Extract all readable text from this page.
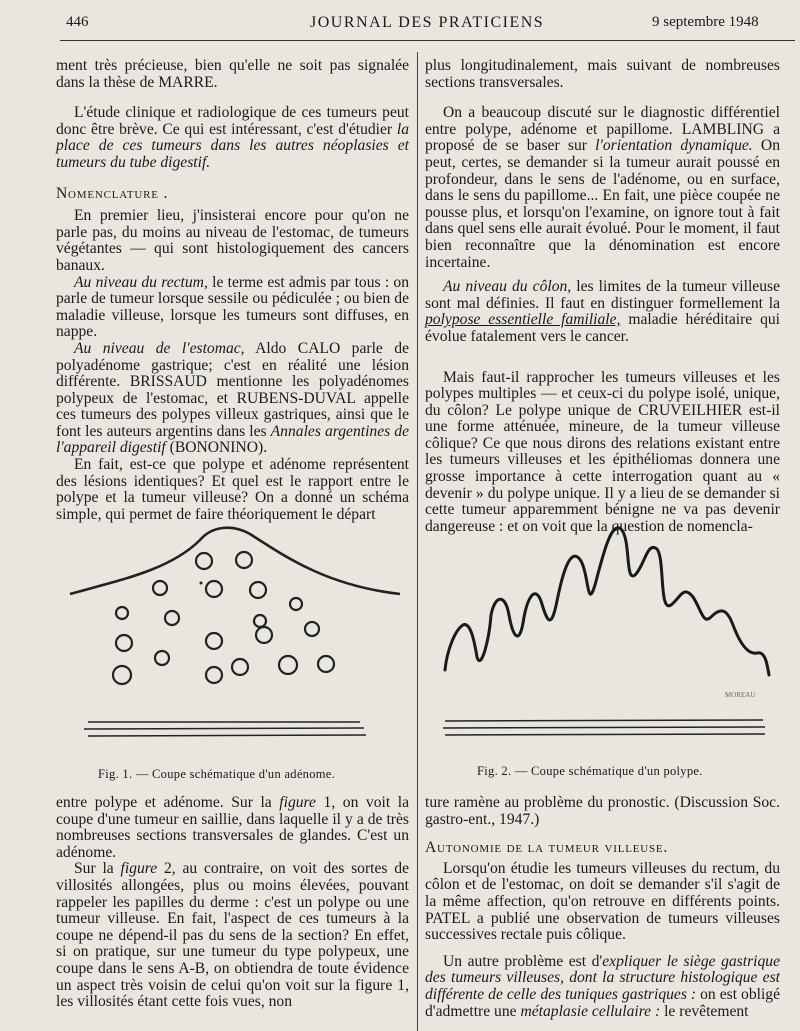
446	JOURNAL DES PRATICIENS	9 septembre 1948

ment très précieuse, bien qu'elle ne soit pas signalée dans la thèse de MARRE.

L'étude clinique et radiologique de ces tumeurs peut donc être brève. Ce qui est intéressant, c'est d'étudier la place de ces tumeurs dans les autres néoplasies et tumeurs du tube digestif.

Nomenclature .

En premier lieu, j'insisterai encore pour qu'on ne parle pas, du moins au niveau de l'estomac, de tumeurs végétantes — qui sont histologiquement des cancers banaux.

Au niveau du rectum, le terme est admis par tous : on parle de tumeur lorsque sessile ou pédiculée ; ou bien de maladie villeuse, lorsque les tumeurs sont diffuses, en nappe.

Au niveau de l'estomac, Aldo CALO parle de polyadénome gastrique; c'est en réalité une lésion différente. BRISSAUD mentionne les polyadénomes polypeux de l'estomac, et RUBENS-DUVAL appelle ces tumeurs des polypes villeux gastriques, ainsi que le font les auteurs argentins dans les Annales argentines de l'appareil digestif (BONONINO).

En fait, est-ce que polype et adénome représentent des lésions identiques? Et quel est le rapport entre le polype et la tumeur villeuse? On a donné un schéma simple, qui permet de faire théoriquement le départ

plus longitudinalement, mais suivant de nombreuses sections transversales.

On a beaucoup discuté sur le diagnostic différentiel entre polype, adénome et papillome. LAMBLING a proposé de se baser sur l'orientation dynamique. On peut, certes, se demander si la tumeur aurait poussé en profondeur, dans le sens de l'adénome, ou en surface, dans le sens du papillome... En fait, une pièce coupée ne pousse plus, et lorsqu'on l'examine, on ignore tout à fait dans quel sens elle aurait évolué. Pour le moment, il faut bien reconnaître que la dénomination est encore incertaine.

Au niveau du côlon, les limites de la tumeur villeuse sont mal définies. Il faut en distinguer formellement la polypose essentielle familiale, maladie héréditaire qui évolue fatalement vers le cancer.

Mais faut-il rapprocher les tumeurs villeuses et les polypes multiples — et ceux-ci du polype isolé, unique, du côlon? Le polype unique de CRUVEILHIER est-il une forme atténuée, mineure, de la tumeur villeuse côlique? Ce que nous dirons des relations existant entre les tumeurs villeuses et les épithéliomas donnera une grosse importance à cette interrogation quant au « devenir » du polype unique. Il y a lieu de se demander si cette tumeur apparemment bénigne ne va pas devenir dangereuse : et on voit que la question de nomencla-

Fig. 1. — Coupe schématique d'un adénome.
MOREAU
Fig. 2. — Coupe schématique d'un polype.

entre polype et adénome. Sur la figure 1, on voit la coupe d'une tumeur en saillie, dans laquelle il y a de très nombreuses sections transversales de glandes. C'est un adénome.

Sur la figure 2, au contraire, on voit des sortes de villosités allongées, plus ou moins élevées, pouvant rappeler les papilles du derme : c'est un polype ou une tumeur villeuse. En fait, l'aspect de ces tumeurs à la coupe ne dépend-il pas du sens de la section? En effet, si on pratique, sur une tumeur du type polypeux, une coupe dans le sens A-B, on obtiendra de toute évidence un aspect très voisin de celui qu'on voit sur la figure 1, les villosités étant cette fois vues, non

ture ramène au problème du pronostic. (Discussion Soc. gastro-ent., 1947.)

Autonomie de la tumeur villeuse.

Lorsqu'on étudie les tumeurs villeuses du rectum, du côlon et de l'estomac, on doit se demander s'il s'agit de la même affection, qu'on retrouve en différents points. PATEL a publié une observation de tumeurs villeuses successives rectale puis côlique.

Un autre problème est d'expliquer le siège gastrique des tumeurs villeuses, dont la structure histologique est différente de celle des tuniques gastriques : on est obligé d'admettre une métaplasie cellulaire : le revêtement
